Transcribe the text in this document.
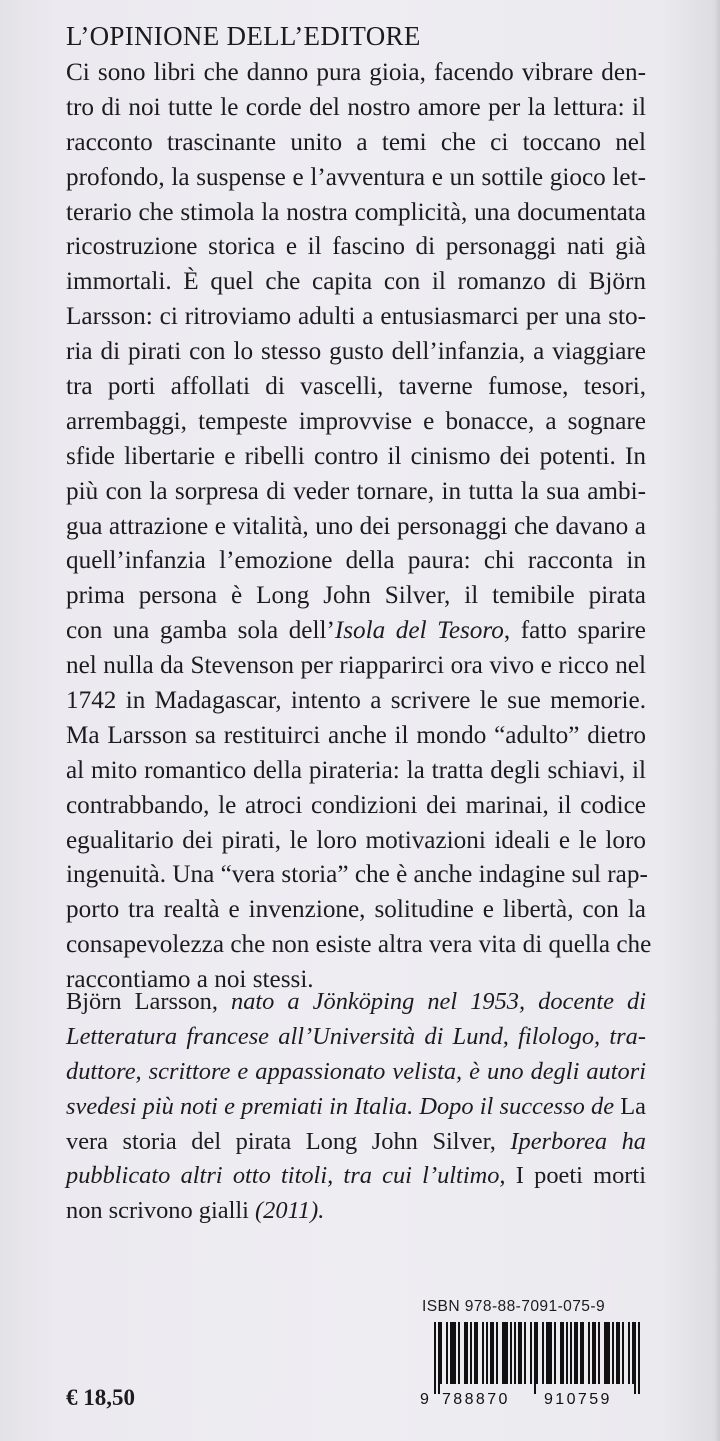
L’OPINIONE DELL’EDITORE
Ci sono libri che danno pura gioia, facendo vibrare den-
tro di noi tutte le corde del nostro amore per la lettura: il
racconto trascinante unito a temi che ci toccano nel
profondo, la suspense e l’avventura e un sottile gioco let-
terario che stimola la nostra complicità, una documentata
ricostruzione storica e il fascino di personaggi nati già
immortali. È quel che capita con il romanzo di Björn
Larsson: ci ritroviamo adulti a entusiasmarci per una sto-
ria di pirati con lo stesso gusto dell’infanzia, a viaggiare
tra porti affollati di vascelli, taverne fumose, tesori,
arrembaggi, tempeste improvvise e bonacce, a sognare
sfide libertarie e ribelli contro il cinismo dei potenti. In
più con la sorpresa di veder tornare, in tutta la sua ambi-
gua attrazione e vitalità, uno dei personaggi che davano a
quell’infanzia l’emozione della paura: chi racconta in
prima persona è Long John Silver, il temibile pirata
con una gamba sola dell’Isola del Tesoro, fatto sparire
nel nulla da Stevenson per riapparirci ora vivo e ricco nel
1742 in Madagascar, intento a scrivere le sue memorie.
Ma Larsson sa restituirci anche il mondo “adulto” dietro
al mito romantico della pirateria: la tratta degli schiavi, il
contrabbando, le atroci condizioni dei marinai, il codice
egualitario dei pirati, le loro motivazioni ideali e le loro
ingenuità. Una “vera storia” che è anche indagine sul rap-
porto tra realtà e invenzione, solitudine e libertà, con la
consapevolezza che non esiste altra vera vita di quella che
raccontiamo a noi stessi.
Björn Larsson, nato a Jönköping nel 1953, docente di
Letteratura francese all’Università di Lund, filologo, tra-
duttore, scrittore e appassionato velista, è uno degli autori
svedesi più noti e premiati in Italia. Dopo il successo de La
vera storia del pirata Long John Silver, Iperborea ha
pubblicato altri otto titoli, tra cui l’ultimo, I poeti morti
non scrivono gialli (2011).
ISBN 978-88-7091-075-9
9 788870 910759
€ 18,50
